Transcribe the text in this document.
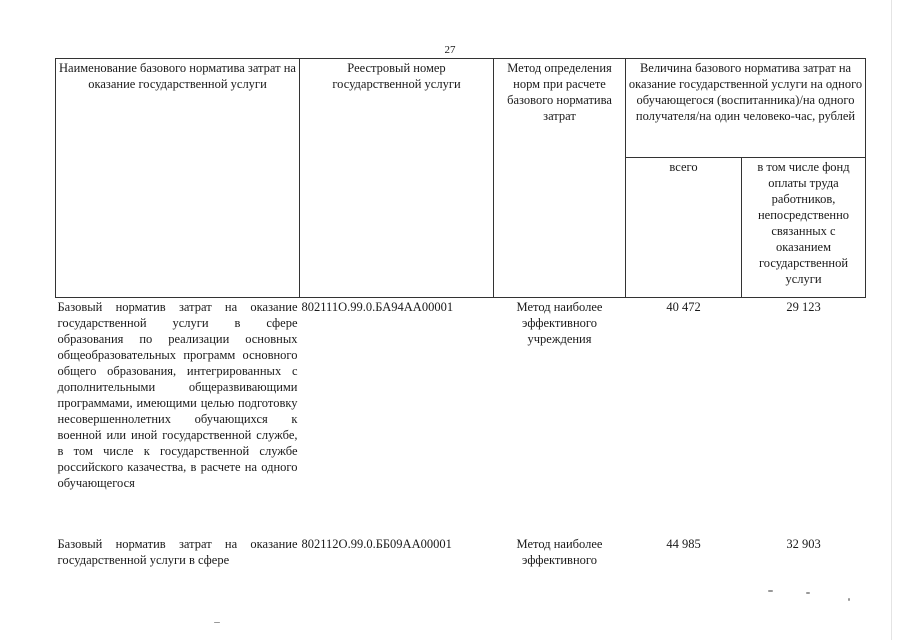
27
Наименование базового норматива затрат на оказание государственной услуги	Реестровый номер государственной услуги	Метод определения норм при расчете базового норматива затрат	Величина базового норматива затрат на оказание государственной услуги на одного обучающегося (воспитанника)/на одного получателя/на один человеко-час, рублей	
			всего	в том числе фонд оплаты труда работников, непосредственно связанных с оказанием государственной услуги
Базовый норматив затрат на оказание государственной услуги в сфере образования по реализации основных общеобразовательных программ основного общего образования, интегрированных с дополнительными общеразвивающими программами, имеющими целью подготовку несовершеннолетних обучающихся к военной или иной государственной службе, в том числе к государственной службе российского казачества, в расчете на одного обучающегося	802111О.99.0.БА94АА00001	Метод наиболее эффективного учреждения	40 472	29 123
Базовый норматив затрат на оказание государственной услуги в сфере	802112О.99.0.ББ09АА00001	Метод наиболее эффективного	44 985	32 903
